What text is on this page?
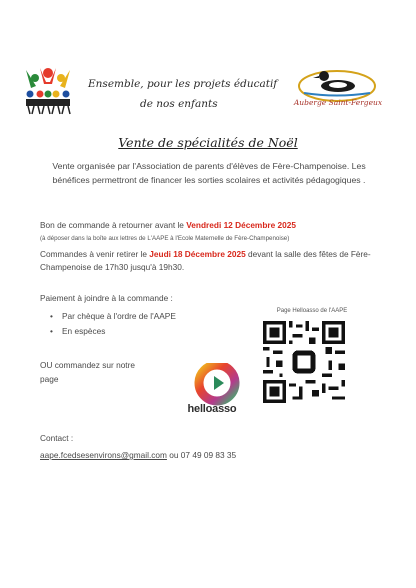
Ensemble, pour les projets éducatif
de nos enfants	Auberge Saint-Fergeux
Vente de spécialités de Noël
Vente organisée par l'Association de parents d'élèves de Fère-Champenoise. Les bénéfices permettront de financer les sorties scolaires et activités pédagogiques .
Bon de commande à retourner avant le Vendredi 12 Décembre 2025
(à déposer dans la boîte aux lettres de L'AAPE à l'Ecole Maternelle de Fère-Champenoise)
Commandes à venir retirer le Jeudi 18 Décembre 2025 devant la salle des fêtes de Fère-Champenoise de 17h30 jusqu'à 19h30.
Paiement à joindre à la commande :
• Par chèque à l'ordre de l'AAPE
• En espèces
OU commandez sur notre page
helloasso
Page Helloasso de l'AAPE
Contact :
aape.fcedsesenvirons@gmail.com ou 07 49 09 83 35
